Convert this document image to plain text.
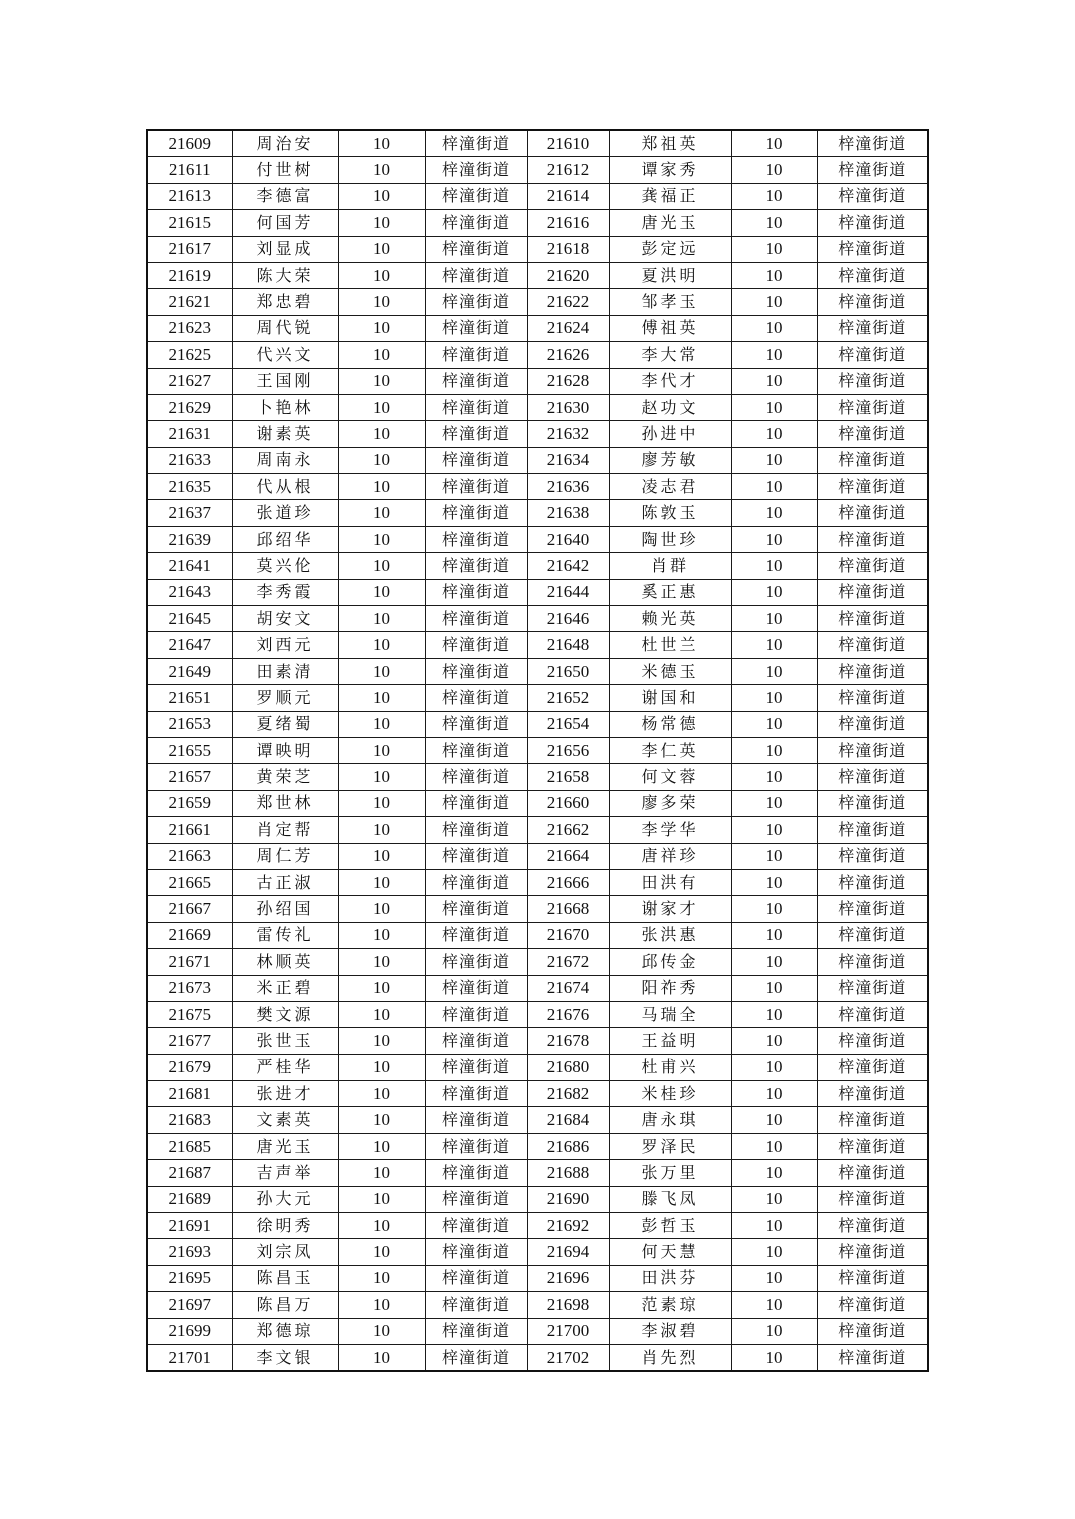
21609	周治安	10	梓潼街道	21610	郑祖英	10	梓潼街道
21611	付世树	10	梓潼街道	21612	谭家秀	10	梓潼街道
21613	李德富	10	梓潼街道	21614	龚福正	10	梓潼街道
21615	何国芳	10	梓潼街道	21616	唐光玉	10	梓潼街道
21617	刘显成	10	梓潼街道	21618	彭定远	10	梓潼街道
21619	陈大荣	10	梓潼街道	21620	夏洪明	10	梓潼街道
21621	郑忠碧	10	梓潼街道	21622	邹孝玉	10	梓潼街道
21623	周代锐	10	梓潼街道	21624	傅祖英	10	梓潼街道
21625	代兴文	10	梓潼街道	21626	李大常	10	梓潼街道
21627	王国刚	10	梓潼街道	21628	李代才	10	梓潼街道
21629	卜艳林	10	梓潼街道	21630	赵功文	10	梓潼街道
21631	谢素英	10	梓潼街道	21632	孙进中	10	梓潼街道
21633	周南永	10	梓潼街道	21634	廖芳敏	10	梓潼街道
21635	代从根	10	梓潼街道	21636	凌志君	10	梓潼街道
21637	张道珍	10	梓潼街道	21638	陈敦玉	10	梓潼街道
21639	邱绍华	10	梓潼街道	21640	陶世珍	10	梓潼街道
21641	莫兴伦	10	梓潼街道	21642	肖群	10	梓潼街道
21643	李秀霞	10	梓潼街道	21644	奚正惠	10	梓潼街道
21645	胡安文	10	梓潼街道	21646	赖光英	10	梓潼街道
21647	刘西元	10	梓潼街道	21648	杜世兰	10	梓潼街道
21649	田素清	10	梓潼街道	21650	米德玉	10	梓潼街道
21651	罗顺元	10	梓潼街道	21652	谢国和	10	梓潼街道
21653	夏绪蜀	10	梓潼街道	21654	杨常德	10	梓潼街道
21655	谭映明	10	梓潼街道	21656	李仁英	10	梓潼街道
21657	黄荣芝	10	梓潼街道	21658	何文蓉	10	梓潼街道
21659	郑世林	10	梓潼街道	21660	廖多荣	10	梓潼街道
21661	肖定帮	10	梓潼街道	21662	李学华	10	梓潼街道
21663	周仁芳	10	梓潼街道	21664	唐祥珍	10	梓潼街道
21665	古正淑	10	梓潼街道	21666	田洪有	10	梓潼街道
21667	孙绍国	10	梓潼街道	21668	谢家才	10	梓潼街道
21669	雷传礼	10	梓潼街道	21670	张洪惠	10	梓潼街道
21671	林顺英	10	梓潼街道	21672	邱传金	10	梓潼街道
21673	米正碧	10	梓潼街道	21674	阳祚秀	10	梓潼街道
21675	樊文源	10	梓潼街道	21676	马瑞全	10	梓潼街道
21677	张世玉	10	梓潼街道	21678	王益明	10	梓潼街道
21679	严桂华	10	梓潼街道	21680	杜甫兴	10	梓潼街道
21681	张进才	10	梓潼街道	21682	米桂珍	10	梓潼街道
21683	文素英	10	梓潼街道	21684	唐永琪	10	梓潼街道
21685	唐光玉	10	梓潼街道	21686	罗泽民	10	梓潼街道
21687	吉声举	10	梓潼街道	21688	张万里	10	梓潼街道
21689	孙大元	10	梓潼街道	21690	滕飞凤	10	梓潼街道
21691	徐明秀	10	梓潼街道	21692	彭哲玉	10	梓潼街道
21693	刘宗凤	10	梓潼街道	21694	何天慧	10	梓潼街道
21695	陈昌玉	10	梓潼街道	21696	田洪芬	10	梓潼街道
21697	陈昌万	10	梓潼街道	21698	范素琼	10	梓潼街道
21699	郑德琼	10	梓潼街道	21700	李淑碧	10	梓潼街道
21701	李文银	10	梓潼街道	21702	肖先烈	10	梓潼街道
